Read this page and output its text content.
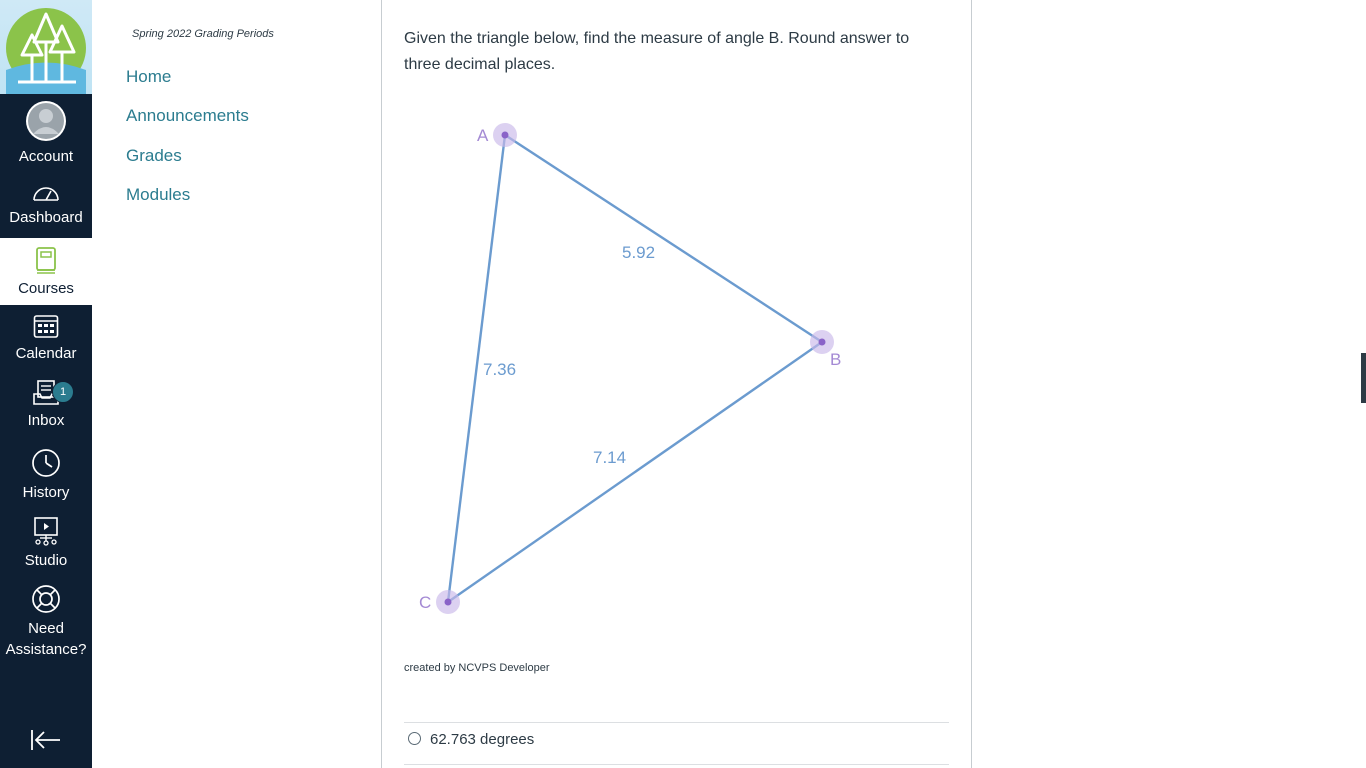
Account
Dashboard
Courses
Calendar
1
Inbox
History
Studio
Need Assistance?
Spring 2022 Grading Periods
Home
Announcements
Grades
Modules

Given the triangle below, find the measure of angle B. Round answer to three decimal places.

A
B
C
5.92
7.36
7.14
created by NCVPS Developer
62.763 degrees
